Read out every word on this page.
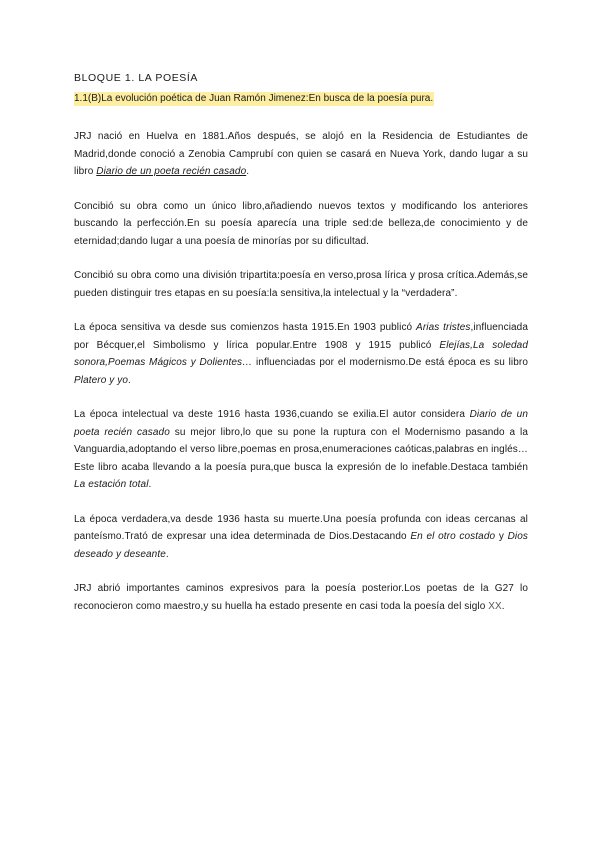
BLOQUE 1. LA POESÍA
1.1(B)La evolución poética de Juan Ramón Jimenez:En busca de la poesía pura.

JRJ nació en Huelva en 1881.Años después, se alojó en la Residencia de Estudiantes de Madrid,donde conoció a Zenobia Camprubí con quien se casará en Nueva York, dando lugar a su libro Diario de un poeta recién casado.

Concibió su obra como un único libro,añadiendo nuevos textos y modificando los anteriores buscando la perfección.En su poesía aparecía una triple sed:de belleza,de conocimiento y de eternidad;dando lugar a una poesía de minorías por su dificultad.

Concibió su obra como una división tripartita:poesía en verso,prosa lírica y prosa crítica.Además,se pueden distinguir tres etapas en su poesía:la sensitiva,la intelectual y la “verdadera”.

La época sensitiva va desde sus comienzos hasta 1915.En 1903 publicó Arias tristes,influenciada por Bécquer,el Simbolismo y lírica popular.Entre 1908 y 1915 publicó Elejías,La soledad sonora,Poemas Mágicos y Dolientes… influenciadas por el modernismo.De está época es su libro Platero y yo.

La época intelectual va deste 1916 hasta 1936,cuando se exilia.El autor considera Diario de un poeta recién casado su mejor libro,lo que su pone la ruptura con el Modernismo pasando a la Vanguardia,adoptando el verso libre,poemas en prosa,enumeraciones caóticas,palabras en inglés…Este libro acaba llevando a la poesía pura,que busca la expresión de lo inefable.Destaca también La estación total.

La época verdadera,va desde 1936 hasta su muerte.Una poesía profunda con ideas cercanas al panteísmo.Trató de expresar una idea determinada de Dios.Destacando En el otro costado y Dios deseado y deseante.

JRJ abrió importantes caminos expresivos para la poesía posterior.Los poetas de la G27 lo reconocieron como maestro,y su huella ha estado presente en casi toda la poesía del siglo XX.
